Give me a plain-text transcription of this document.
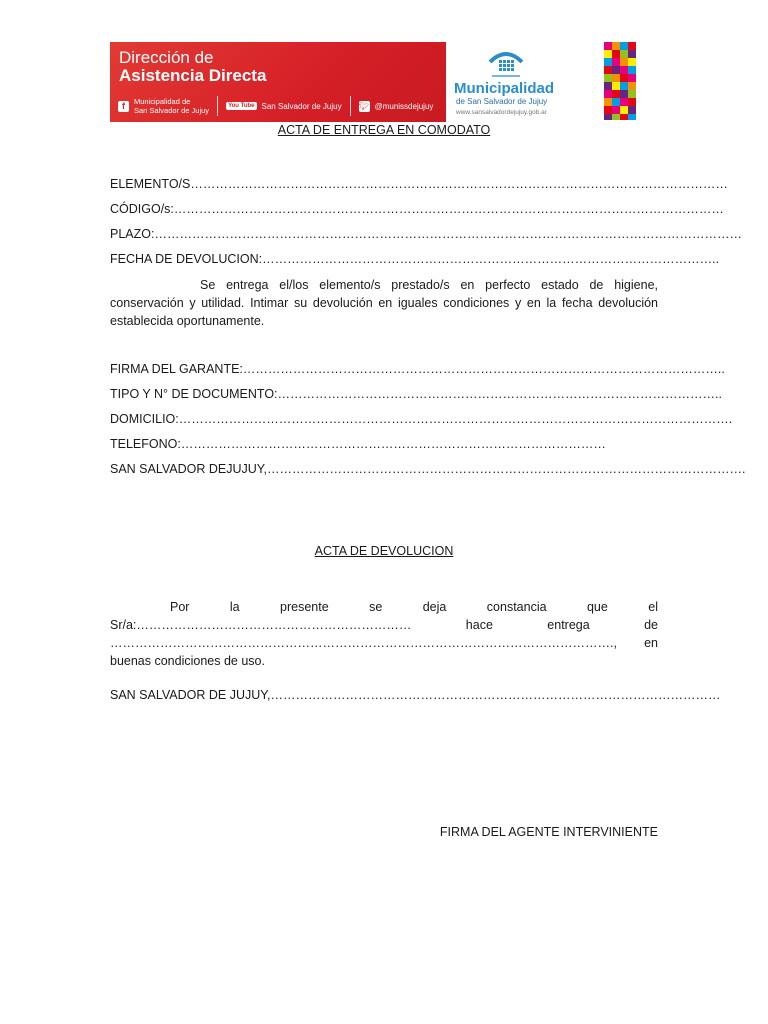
Dirección de
Asistencia Directa
f	Municipalidad de
San Salvador de Jujuy	You Tube San Salvador de Jujuy 🐦︎ @munissdejujuy
Municipalidad
de San Salvador de Jujuy
www.sansalvadordejujuy.gob.ar
ACTA DE ENTREGA EN COMODATO
ELEMENTO/S…………………………………………………………………………………………………………………
CÓDIGO/s:……………………………………………………………………………………………………………………
PLAZO:……………………………………………………………………………………………………………………………
FECHA DE DEVOLUCION:………………………………………………………………………………………………..
Se entrega el/los elemento/s prestado/s en perfecto estado de higiene, conservación y utilidad. Intimar su devolución en iguales condiciones y en la fecha devolución establecida oportunamente.
FIRMA DEL GARANTE:……………………………………………………………………………………………………..
TIPO Y N° DE DOCUMENTO:……………………………………………………………………………………………..
DOMICILIO:…………………………………………………………………………………………………………………….
TELEFONO:…………………………………………………………………………………………
SAN SALVADOR DEJUJUY,…………………………………………………………………………………………………….
ACTA DE DEVOLUCION
Por la presente se deja constancia que el Sr/a:………………………………………………………… hace entrega de …………………………………………………………………………………………………………., en buenas condiciones de uso.
SAN SALVADOR DE JUJUY,………………………………………………………………………………………………
FIRMA DEL AGENTE INTERVINIENTE
